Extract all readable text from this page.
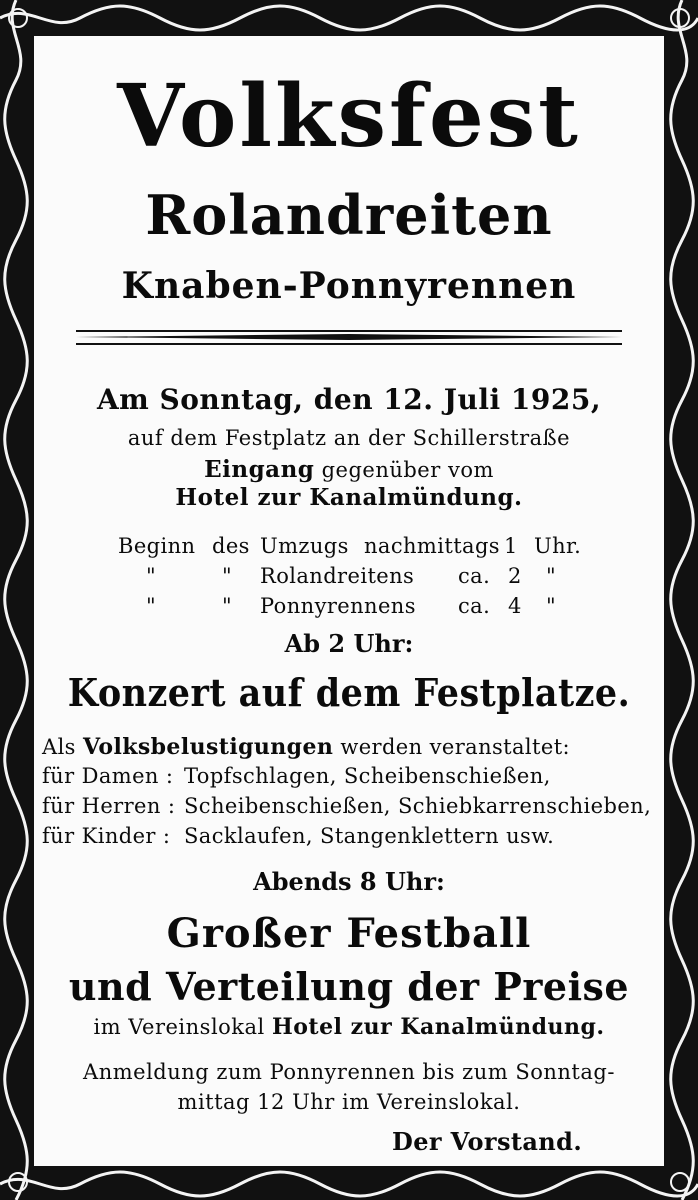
Volksfest
Rolandreiten
Knaben-Ponnyrennen
Am Sonntag, den 12. Juli 1925,
auf dem Festplatz an der Schillerstraße
Eingang gegenüber vom
Hotel zur Kanalmündung.
Beginn des Umzugs nachmittags 1 Uhr.
"	" Rolandreitens ca. 2 "
"	" Ponnyrennens ca. 4 "
Ab 2 Uhr:
Konzert auf dem Festplatze.
Als Volksbelustigungen werden veranstaltet:
für Damen : Topfschlagen, Scheibenschießen,
für Herren : Scheibenschießen, Schiebkarrenschieben,
für Kinder : Sacklaufen, Stangenklettern usw.
Abends 8 Uhr:
Großer Festball
und Verteilung der Preise
im Vereinslokal Hotel zur Kanalmündung.
Anmeldung zum Ponnyrennen bis zum Sonntag-
mittag 12 Uhr im Vereinslokal.
Der Vorstand.
